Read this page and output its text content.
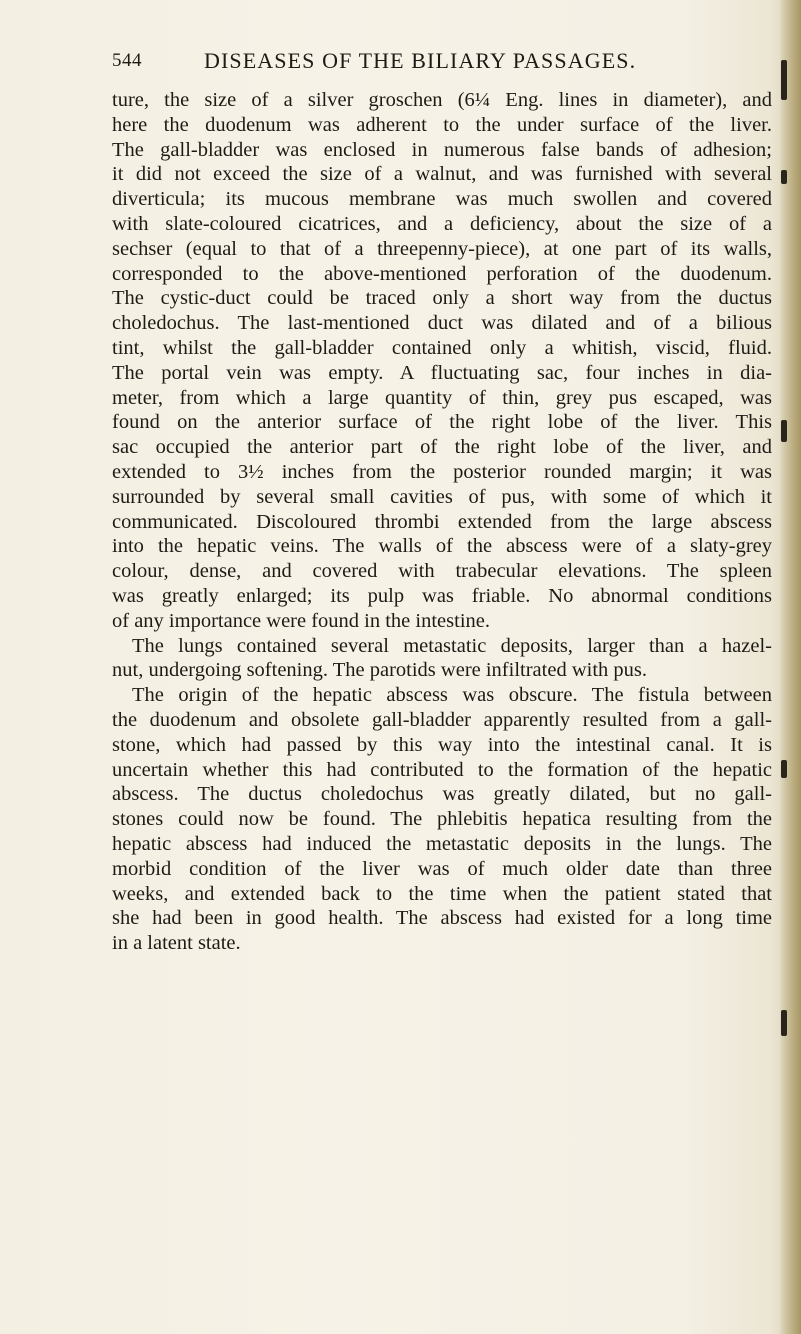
544	DISEASES OF THE BILIARY PASSAGES.
ture, the size of a silver groschen (6¼ Eng. lines in diameter), and
here the duodenum was adherent to the under surface of the liver.
The gall-bladder was enclosed in numerous false bands of adhesion;
it did not exceed the size of a walnut, and was furnished with several
diverticula; its mucous membrane was much swollen and covered
with slate-coloured cicatrices, and a deficiency, about the size of a
sechser (equal to that of a threepenny-piece), at one part of its walls,
corresponded to the above-mentioned perforation of the duodenum.
The cystic-duct could be traced only a short way from the ductus
choledochus. The last-mentioned duct was dilated and of a bilious
tint, whilst the gall-bladder contained only a whitish, viscid, fluid.
The portal vein was empty. A fluctuating sac, four inches in dia-
meter, from which a large quantity of thin, grey pus escaped, was
found on the anterior surface of the right lobe of the liver. This
sac occupied the anterior part of the right lobe of the liver, and
extended to 3½ inches from the posterior rounded margin; it was
surrounded by several small cavities of pus, with some of which it
communicated. Discoloured thrombi extended from the large abscess
into the hepatic veins. The walls of the abscess were of a slaty-grey
colour, dense, and covered with trabecular elevations. The spleen
was greatly enlarged; its pulp was friable. No abnormal conditions
of any importance were found in the intestine.
The lungs contained several metastatic deposits, larger than a hazel-
nut, undergoing softening. The parotids were infiltrated with pus.
The origin of the hepatic abscess was obscure. The fistula between
the duodenum and obsolete gall-bladder apparently resulted from a gall-
stone, which had passed by this way into the intestinal canal. It is
uncertain whether this had contributed to the formation of the hepatic
abscess. The ductus choledochus was greatly dilated, but no gall-
stones could now be found. The phlebitis hepatica resulting from the
hepatic abscess had induced the metastatic deposits in the lungs. The
morbid condition of the liver was of much older date than three
weeks, and extended back to the time when the patient stated that
she had been in good health. The abscess had existed for a long time
in a latent state.
